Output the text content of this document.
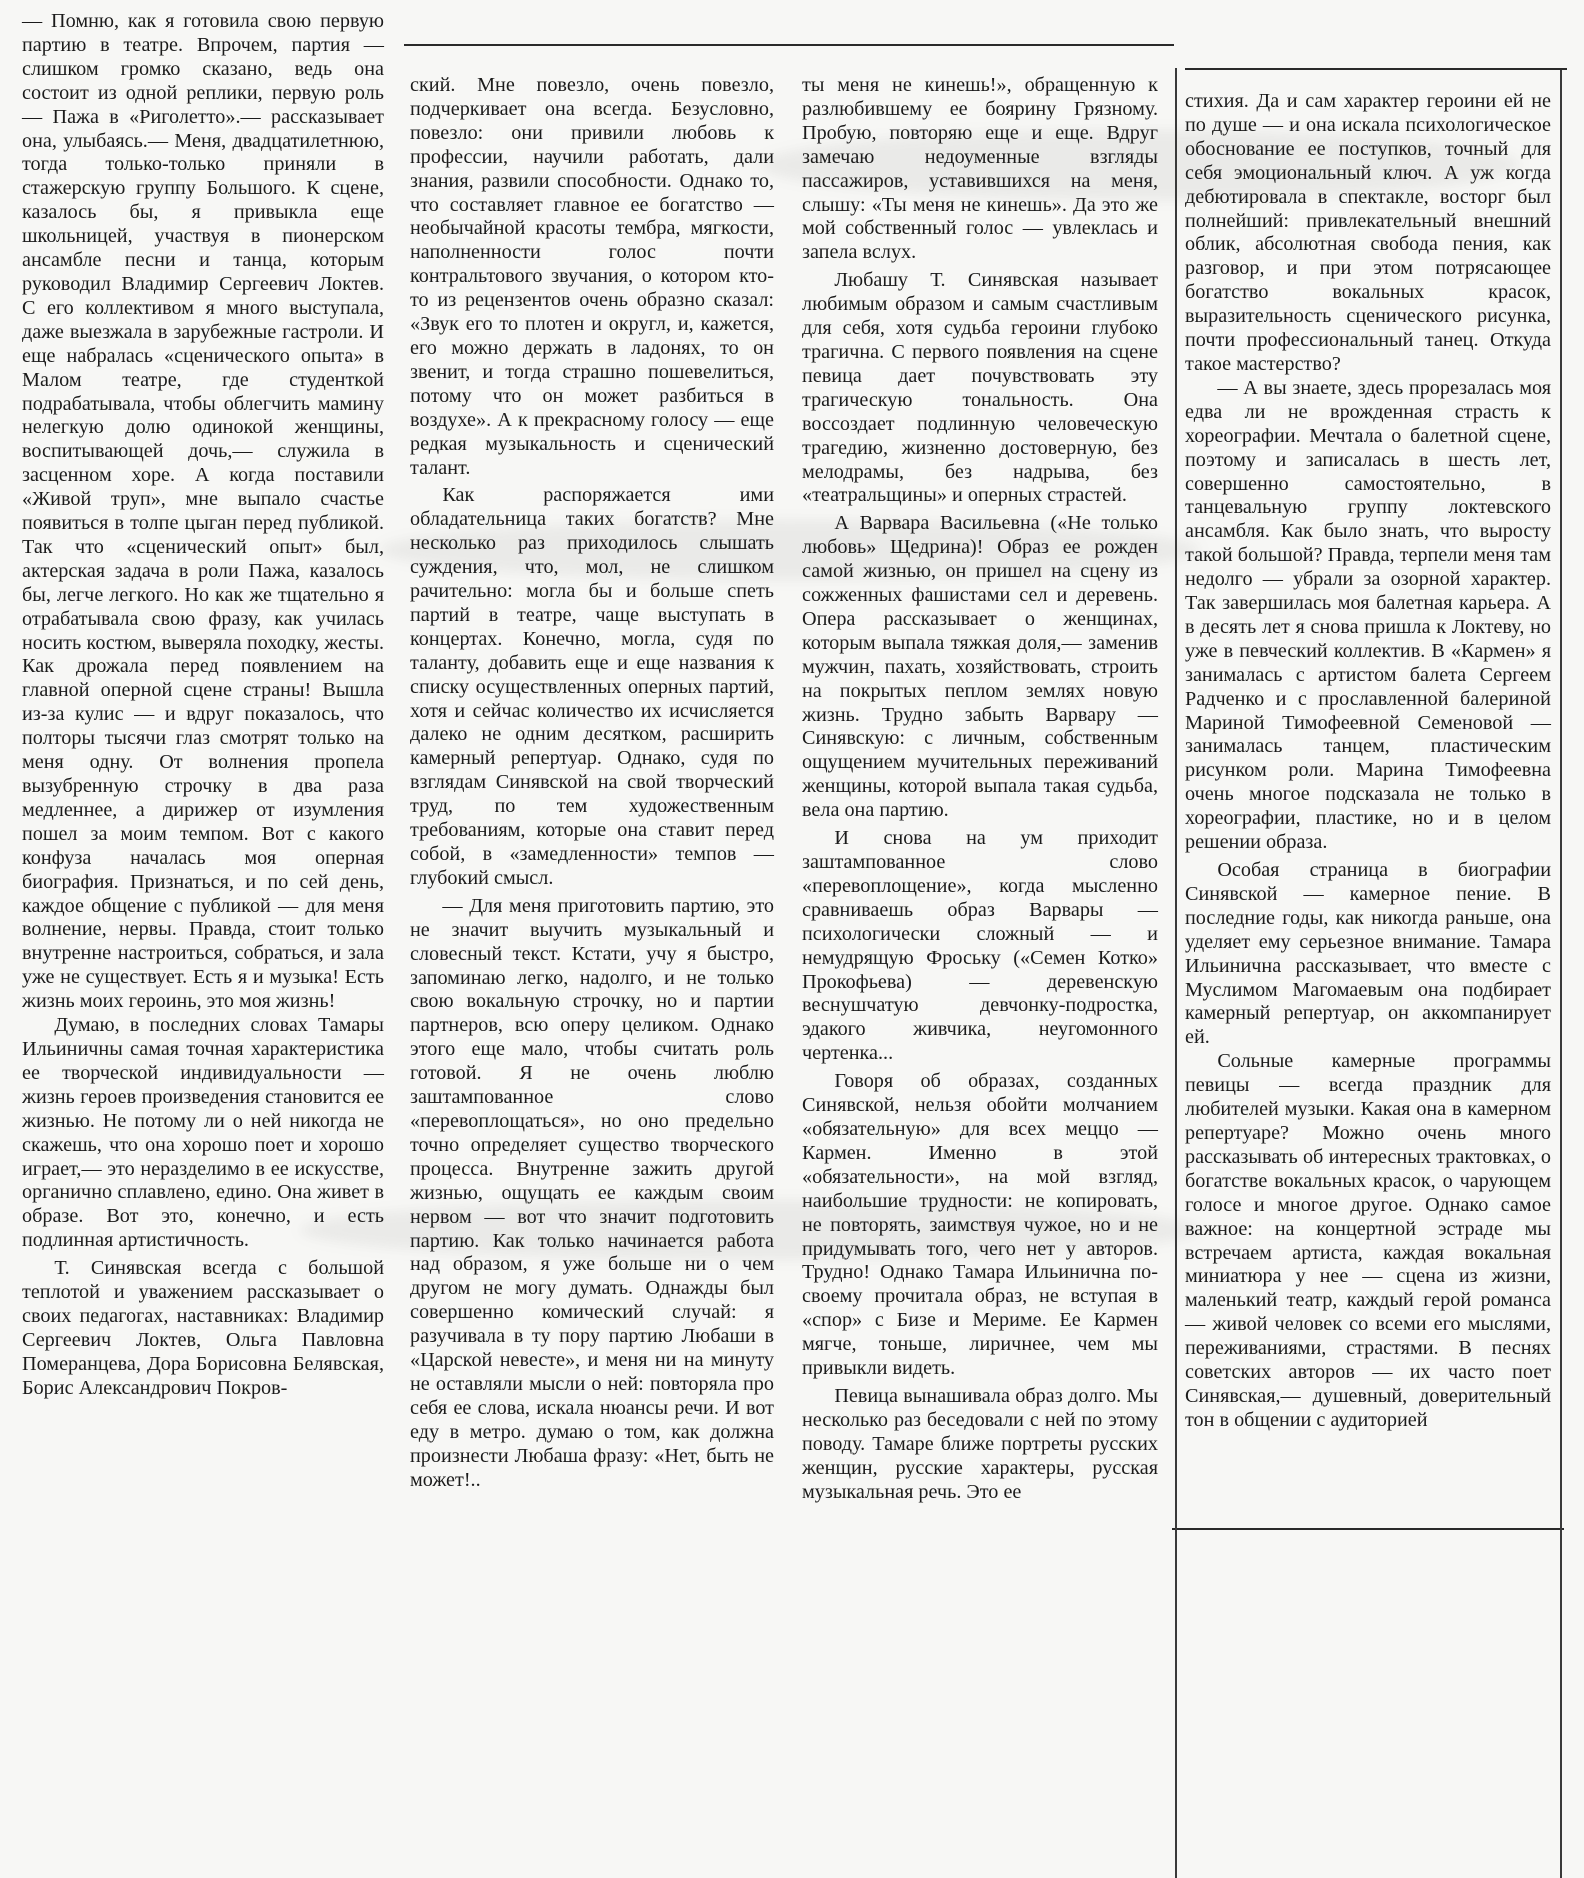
— Помню, как я готовила свою первую партию в театре. Впрочем, партия — слишком громко сказано, ведь она состоит из одной реплики, первую роль — Пажа в «Риголетто».— рассказывает она, улыбаясь.— Меня, двадцатилетнюю, тогда только-только приняли в стажерскую группу Большого. К сцене, казалось бы, я привыкла еще школьницей, участвуя в пионерском ансамбле песни и танца, которым руководил Владимир Сергеевич Локтев. С его коллективом я много выступала, даже выезжала в зарубежные гастроли. И еще набралась «сценического опыта» в Малом театре, где студенткой подрабатывала, чтобы облегчить мамину нелегкую долю одинокой женщины, воспитывающей дочь,— служила в засценном хоре. А когда поставили «Живой труп», мне выпало счастье появиться в толпе цыган перед публикой. Так что «сценический опыт» был, актерская задача в роли Пажа, казалось бы, легче легкого. Но как же тщательно я отрабатывала свою фразу, как училась носить костюм, выверяла походку, жесты. Как дрожала перед появлением на главной оперной сцене страны! Вышла из-за кулис — и вдруг показалось, что полторы тысячи глаз смотрят только на меня одну. От волнения пропела вызубренную строчку в два раза медленнее, а дирижер от изумления пошел за моим темпом. Вот с какого конфуза началась моя оперная биография. Признаться, и по сей день, каждое общение с публикой — для меня волнение, нервы. Правда, стоит только внутренне настроиться, собраться, и зала уже не существует. Есть я и музыка! Есть жизнь моих героинь, это моя жизнь!

Думаю, в последних словах Тамары Ильиничны самая точная характеристика ее творческой индивидуальности — жизнь героев произведения становится ее жизнью. Не потому ли о ней никогда не скажешь, что она хорошо поет и хорошо играет,— это неразделимо в ее искусстве, органично сплавлено, едино. Она живет в образе. Вот это, конечно, и есть подлинная артистичность.

Т. Синявская всегда с большой теплотой и уважением рассказывает о своих педагогах, наставниках: Владимир Сергеевич Локтев, Ольга Павловна Померанцева, Дора Борисовна Белявская, Борис Александрович Покров-

ский. Мне повезло, очень повезло, подчеркивает она всегда. Безусловно, повезло: они привили любовь к профессии, научили работать, дали знания, развили способности. Однако то, что составляет главное ее богатство — необычайной красоты тембра, мягкости, наполненности голос почти контральтового звучания, о котором кто-то из рецензентов очень образно сказал: «Звук его то плотен и округл, и, кажется, его можно держать в ладонях, то он звенит, и тогда страшно пошевелиться, потому что он может разбиться в воздухе». А к прекрасному голосу — еще редкая музыкальность и сценический талант.

Как распоряжается ими обладательница таких богатств? Мне несколько раз приходилось слышать суждения, что, мол, не слишком рачительно: могла бы и больше спеть партий в театре, чаще выступать в концертах. Конечно, могла, судя по таланту, добавить еще и еще названия к списку осуществленных оперных партий, хотя и сейчас количество их исчисляется далеко не одним десятком, расширить камерный репертуар. Однако, судя по взглядам Синявской на свой творческий труд, по тем художественным требованиям, которые она ставит перед собой, в «замедленности» темпов — глубокий смысл.

— Для меня приготовить партию, это не значит выучить музыкальный и словесный текст. Кстати, учу я быстро, запоминаю легко, надолго, и не только свою вокальную строчку, но и партии партнеров, всю оперу целиком. Однако этого еще мало, чтобы считать роль готовой. Я не очень люблю заштампованное слово «перевоплощаться», но оно предельно точно определяет существо творческого процесса. Внутренне зажить другой жизнью, ощущать ее каждым своим нервом — вот что значит подготовить партию. Как только начинается работа над образом, я уже больше ни о чем другом не могу думать. Однажды был совершенно комический случай: я разучивала в ту пору партию Любаши в «Царской невесте», и меня ни на минуту не оставляли мысли о ней: повторяла про себя ее слова, искала нюансы речи. И вот еду в метро. думаю о том, как должна произнести Любаша фразу: «Нет, быть не может!..

ты меня не кинешь!», обращенную к разлюбившему ее боярину Грязному. Пробую, повторяю еще и еще. Вдруг замечаю недоуменные взгляды пассажиров, уставившихся на меня, слышу: «Ты меня не кинешь». Да это же мой собственный голос — увлеклась и запела вслух.

Любашу Т. Синявская называет любимым образом и самым счастливым для себя, хотя судьба героини глубоко трагична. С первого появления на сцене певица дает почувствовать эту трагическую тональность. Она воссоздает подлинную человеческую трагедию, жизненно достоверную, без мелодрамы, без надрыва, без «театральщины» и оперных страстей.

А Варвара Васильевна («Не только любовь» Щедрина)! Образ ее рожден самой жизнью, он пришел на сцену из сожженных фашистами сел и деревень. Опера рассказывает о женщинах, которым выпала тяжкая доля,— заменив мужчин, пахать, хозяйствовать, строить на покрытых пеплом землях новую жизнь. Трудно забыть Варвару — Синявскую: с личным, собственным ощущением мучительных переживаний женщины, которой выпала такая судьба, вела она партию.

И снова на ум приходит заштампованное слово «перевоплощение», когда мысленно сравниваешь образ Варвары — психологически сложный — и немудрящую Фроську («Семен Котко» Прокофьева) — деревенскую веснушчатую девчонку-подростка, эдакого живчика, неугомонного чертенка...

Говоря об образах, созданных Синявской, нельзя обойти молчанием «обязательную» для всех меццо — Кармен. Именно в этой «обязательности», на мой взгляд, наибольшие трудности: не копировать, не повторять, заимствуя чужое, но и не придумывать того, чего нет у авторов. Трудно! Однако Тамара Ильинична по-своему прочитала образ, не вступая в «спор» с Бизе и Мериме. Ее Кармен мягче, тоньше, лиричнее, чем мы привыкли видеть.

Певица вынашивала образ долго. Мы несколько раз беседовали с ней по этому поводу. Тамаре ближе портреты русских женщин, русские характеры, русская музыкальная речь. Это ее

стихия. Да и сам характер героини ей не по душе — и она искала психологическое обоснование ее поступков, точный для себя эмоциональный ключ. А уж когда дебютировала в спектакле, восторг был полнейший: привлекательный внешний облик, абсолютная свобода пения, как разговор, и при этом потрясающее богатство вокальных красок, выразительность сценического рисунка, почти профессиональный танец. Откуда такое мастерство?

— А вы знаете, здесь прорезалась моя едва ли не врожденная страсть к хореографии. Мечтала о балетной сцене, поэтому и записалась в шесть лет, совершенно самостоятельно, в танцевальную группу локтевского ансамбля. Как было знать, что выросту такой большой? Правда, терпели меня там недолго — убрали за озорной характер. Так завершилась моя балетная карьера. А в десять лет я снова пришла к Локтеву, но уже в певческий коллектив. В «Кармен» я занималась с артистом балета Сергеем Радченко и с прославленной балериной Мариной Тимофеевной Семеновой — занималась танцем, пластическим рисунком роли. Марина Тимофеевна очень многое подсказала не только в хореографии, пластике, но и в целом решении образа.

Особая страница в биографии Синявской — камерное пение. В последние годы, как никогда раньше, она уделяет ему серьезное внимание. Тамара Ильинична рассказывает, что вместе с Муслимом Магомаевым она подбирает камерный репертуар, он аккомпанирует ей.

Сольные камерные программы певицы — всегда праздник для любителей музыки. Какая она в камерном репертуаре? Можно очень много рассказывать об интересных трактовках, о богатстве вокальных красок, о чарующем голосе и многое другое. Однако самое важное: на концертной эстраде мы встречаем артиста, каждая вокальная миниатюра у нее — сцена из жизни, маленький театр, каждый герой романса — живой человек со всеми его мыслями, переживаниями, страстями. В песнях советских авторов — их часто поет Синявская,— душевный, доверительный тон в общении с аудиторией
